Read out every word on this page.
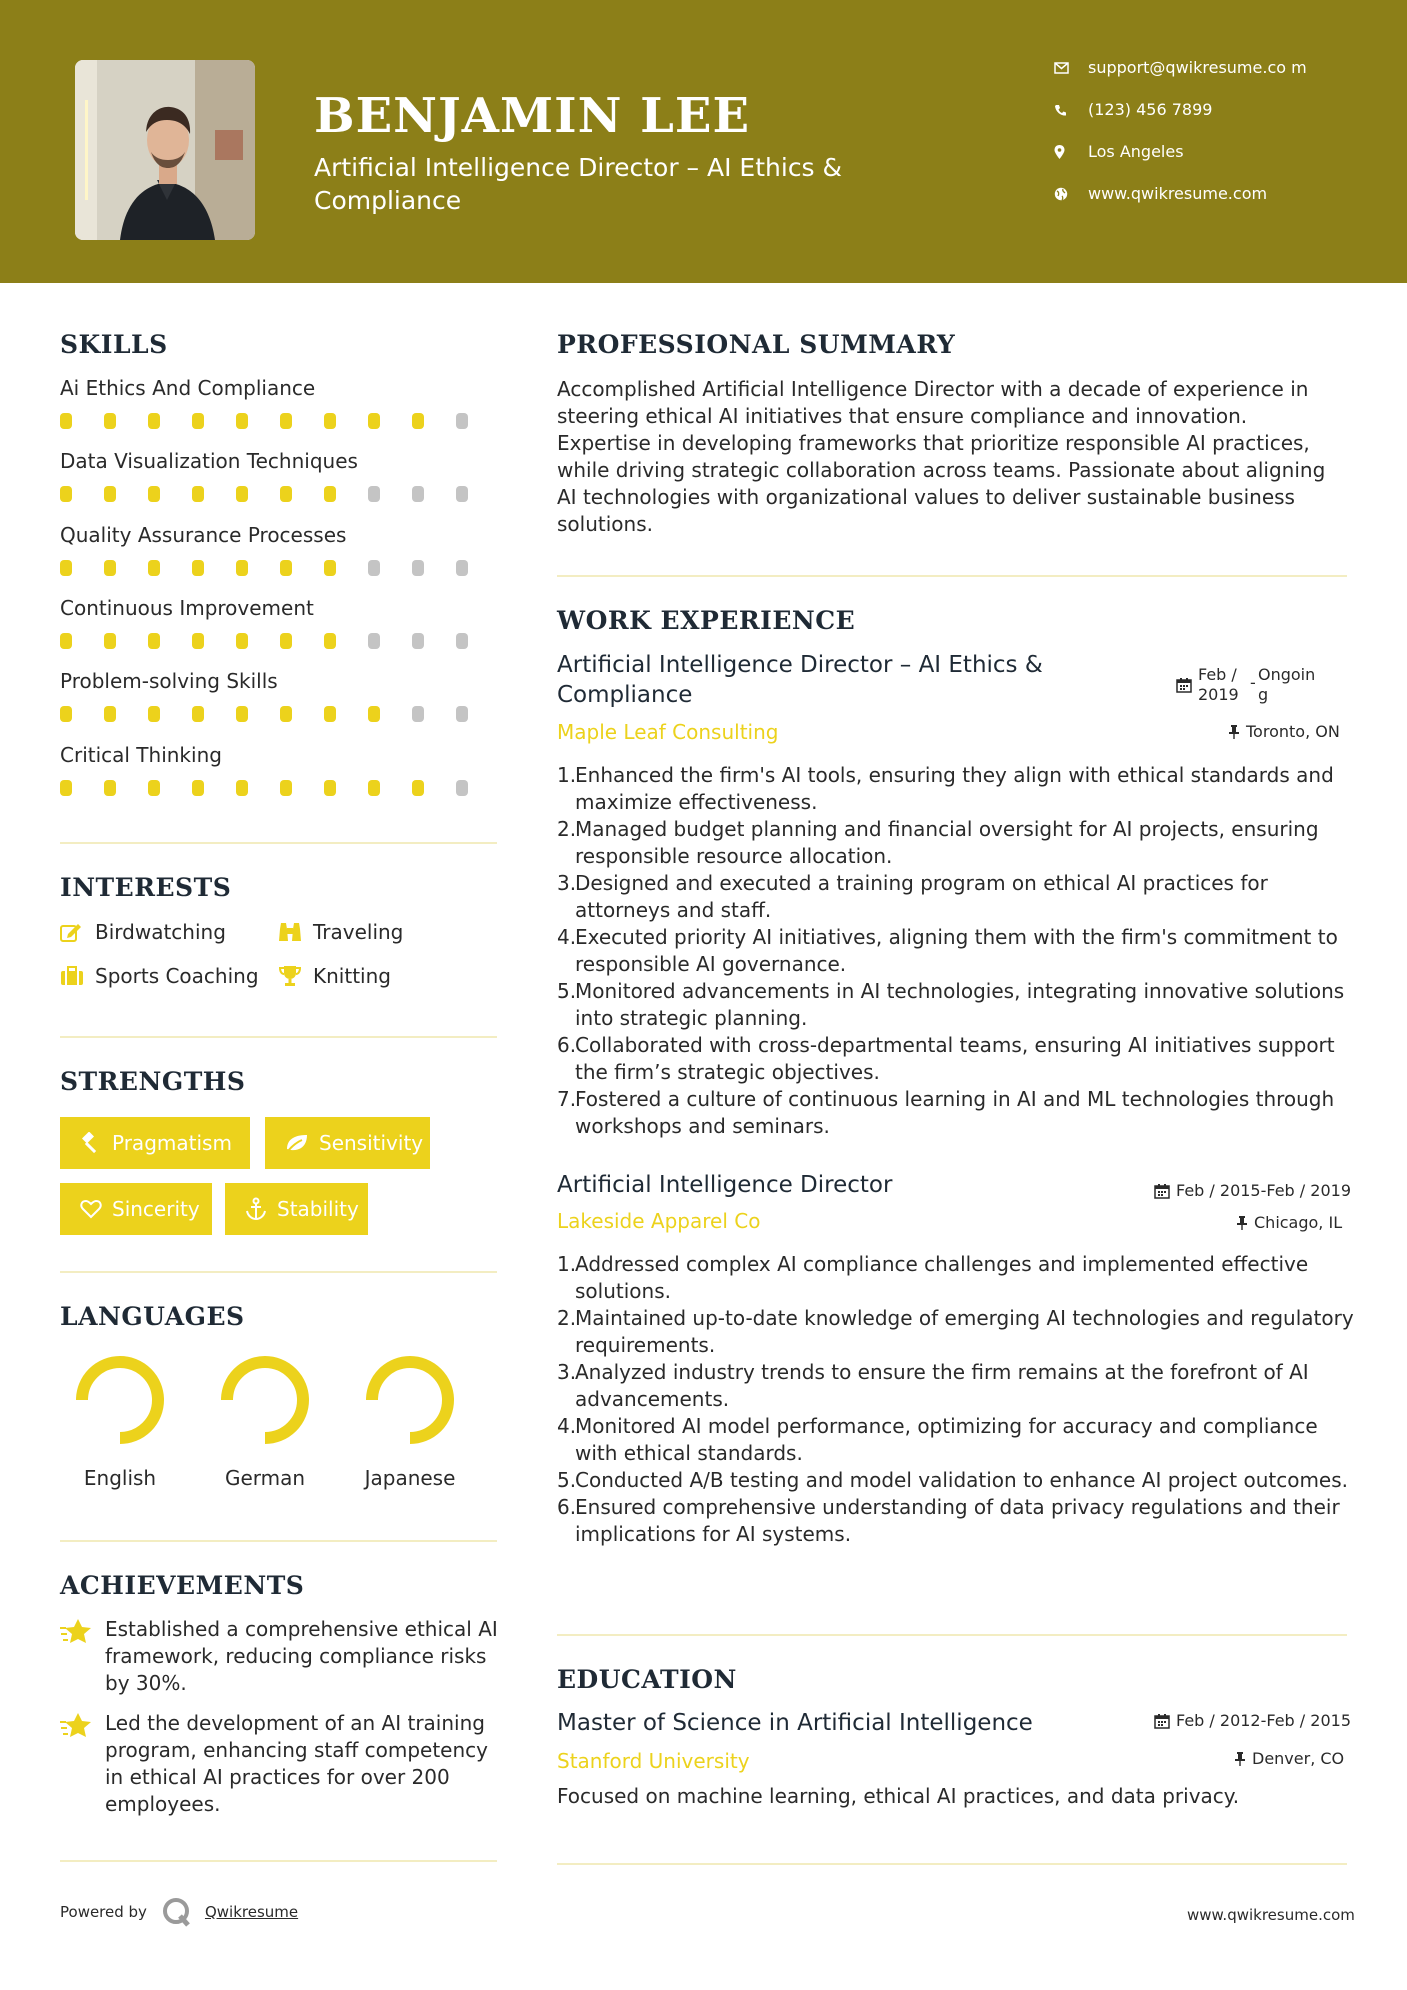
BENJAMIN LEE
Artificial Intelligence Director – AI Ethics & Compliance
support@qwikresume.co m
(123) 456 7899
Los Angeles
www.qwikresume.com
SKILLS
Ai Ethics And Compliance
Data Visualization Techniques
Quality Assurance Processes
Continuous Improvement
Problem-solving Skills
Critical Thinking
INTERESTS
Birdwatching	Traveling
Sports Coaching	Knitting
STRENGTHS
Pragmatism	Sensitivity
Sincerity	Stability
LANGUAGES
English	German	Japanese
ACHIEVEMENTS
Established a comprehensive ethical AI framework, reducing compliance risks by 30%.
Led the development of an AI training program, enhancing staff competency in ethical AI practices for over 200 employees.
PROFESSIONAL SUMMARY
Accomplished Artificial Intelligence Director with a decade of experience in steering ethical AI initiatives that ensure compliance and innovation. Expertise in developing frameworks that prioritize responsible AI practices, while driving strategic collaboration across teams. Passionate about aligning AI technologies with organizational values to deliver sustainable business solutions.
WORK EXPERIENCE
Artificial Intelligence Director – AI Ethics & Compliance
Feb / 2019
- Ongoin g
Maple Leaf Consulting	Toronto, ON
1.
Enhanced the firm's AI tools, ensuring they align with ethical standards and maximize effectiveness.
2.
Managed budget planning and financial oversight for AI projects, ensuring responsible resource allocation.
3.
Designed and executed a training program on ethical AI practices for attorneys and staff.
4.
Executed priority AI initiatives, aligning them with the firm's commitment to responsible AI governance.
5.
Monitored advancements in AI technologies, integrating innovative solutions into strategic planning.
6.
Collaborated with cross-departmental teams, ensuring AI initiatives support the firm’s strategic objectives.
7.
Fostered a culture of continuous learning in AI and ML technologies through workshops and seminars.
Artificial Intelligence Director	Feb / 2015-Feb / 2019
Lakeside Apparel Co	Chicago, IL
1.
Addressed complex AI compliance challenges and implemented effective solutions.
2.
Maintained up-to-date knowledge of emerging AI technologies and regulatory requirements.
3.
Analyzed industry trends to ensure the firm remains at the forefront of AI advancements.
4.
Monitored AI model performance, optimizing for accuracy and compliance with ethical standards.
5.
Conducted A/B testing and model validation to enhance AI project outcomes.
6.
Ensured comprehensive understanding of data privacy regulations and their implications for AI systems.
EDUCATION
Master of Science in Artificial Intelligence	Feb / 2012-Feb / 2015
Stanford University	Denver, CO
Focused on machine learning, ethical AI practices, and data privacy.
Powered by	Qwikresume	www.qwikresume.com
